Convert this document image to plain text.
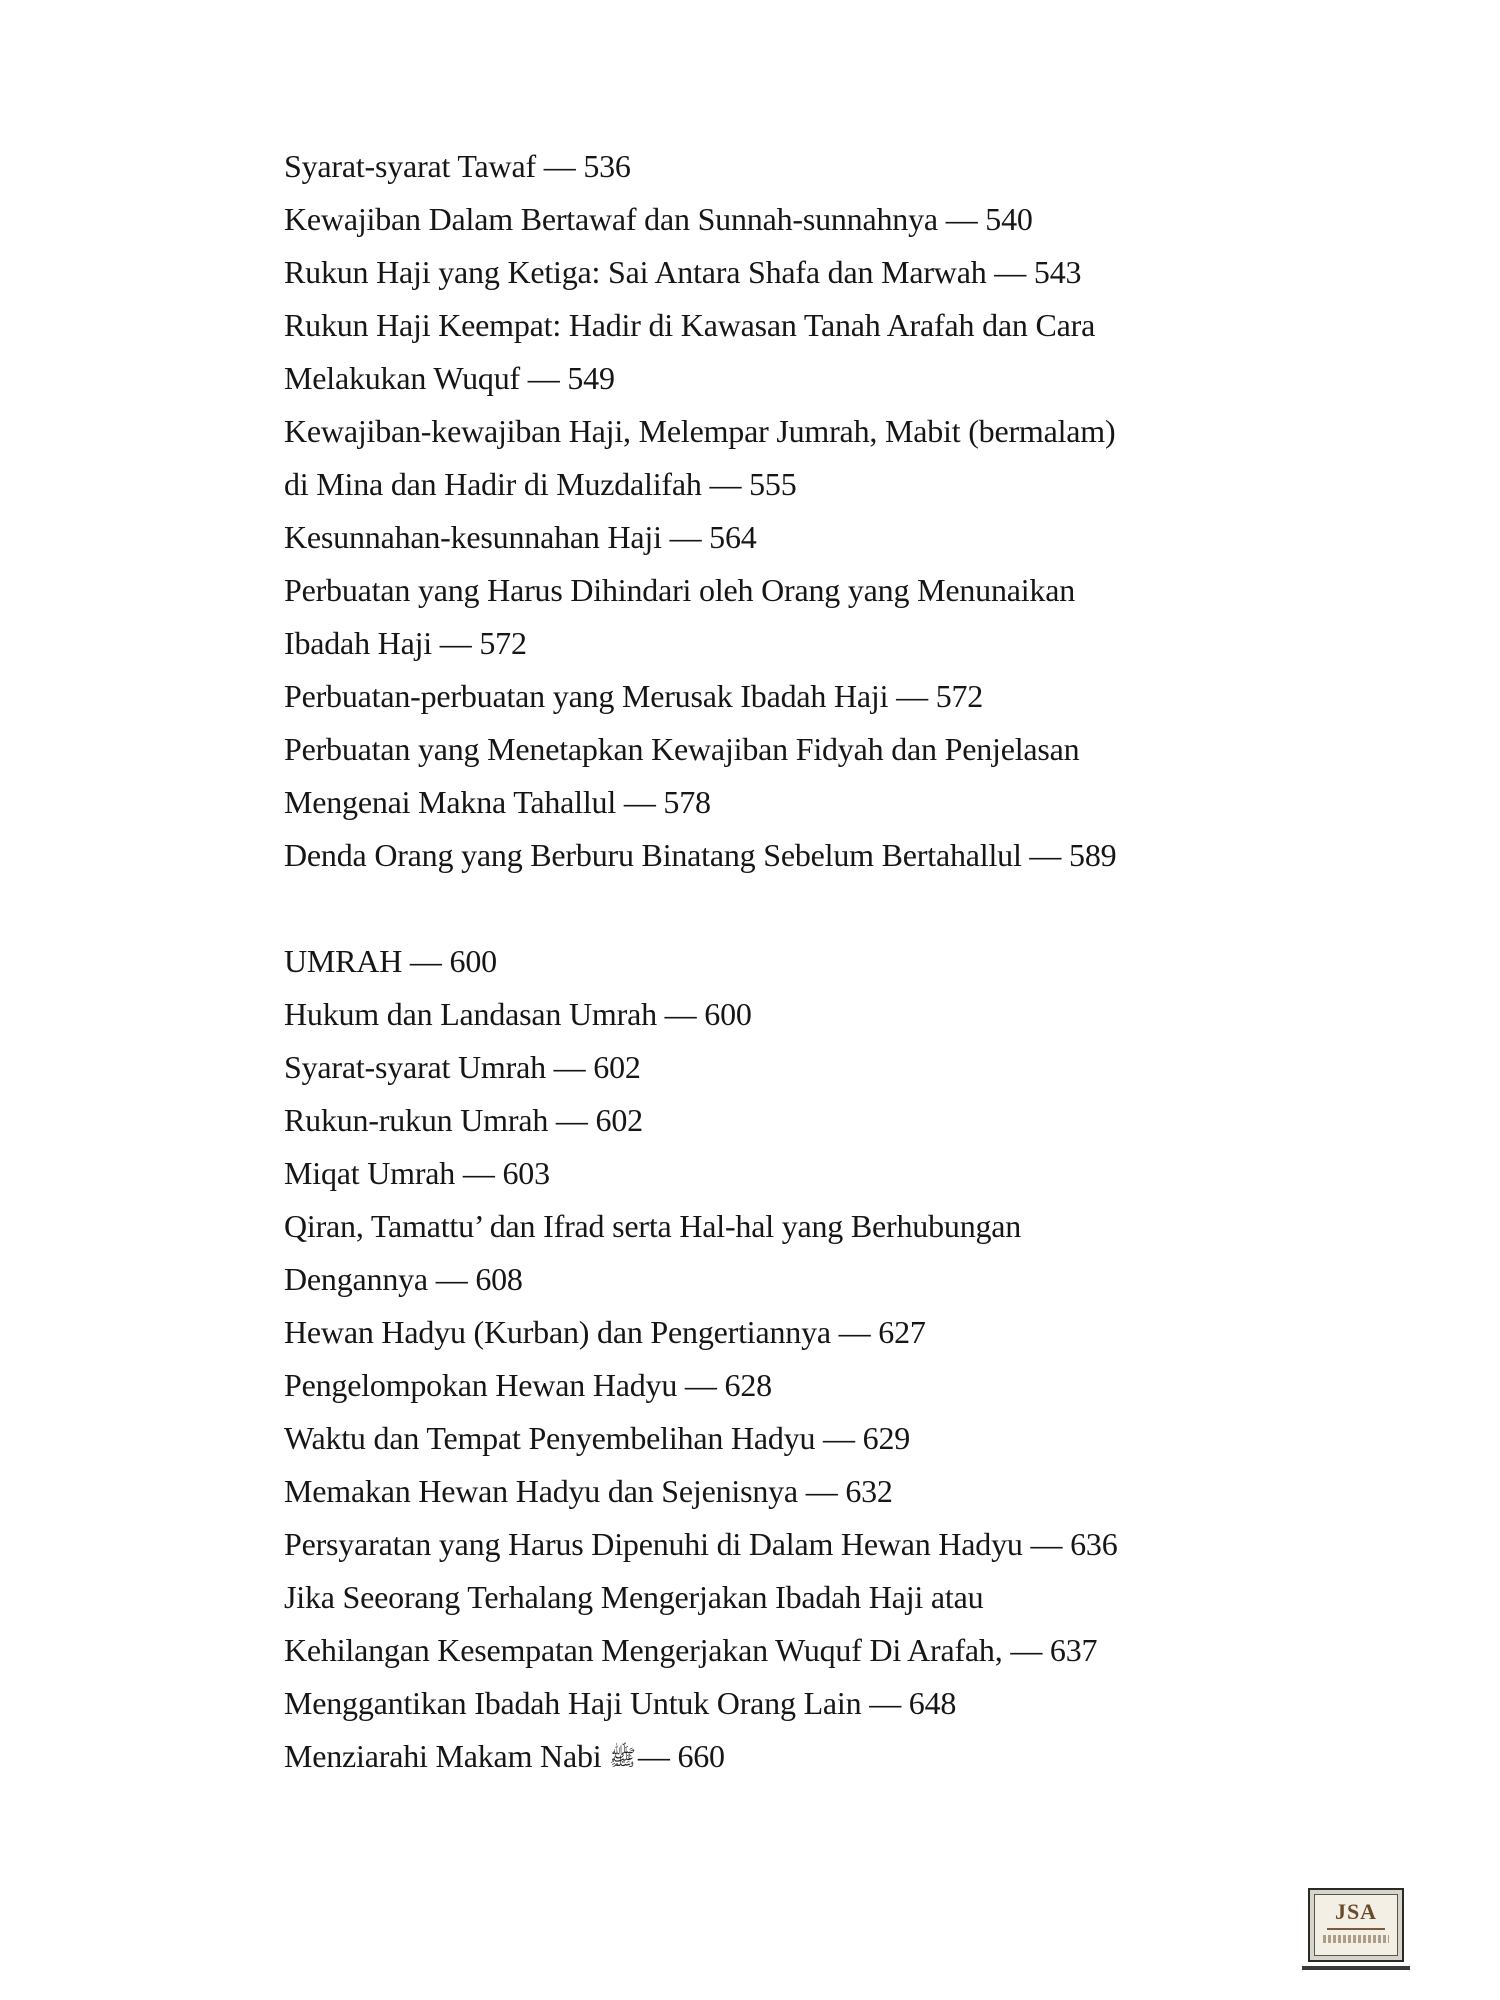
Syarat-syarat Tawaf — 536
Kewajiban Dalam Bertawaf dan Sunnah-sunnahnya — 540
Rukun Haji yang Ketiga: Sai Antara Shafa dan Marwah — 543
Rukun Haji Keempat: Hadir di Kawasan Tanah Arafah dan Cara
Melakukan Wuquf — 549
Kewajiban-kewajiban Haji, Melempar Jumrah, Mabit (bermalam)
di Mina dan Hadir di Muzdalifah — 555
Kesunnahan-kesunnahan Haji — 564
Perbuatan yang Harus Dihindari oleh Orang yang Menunaikan
Ibadah Haji — 572
Perbuatan-perbuatan yang Merusak Ibadah Haji — 572
Perbuatan yang Menetapkan Kewajiban Fidyah dan Penjelasan
Mengenai Makna Tahallul — 578
Denda Orang yang Berburu Binatang Sebelum Bertahallul — 589
UMRAH — 600
Hukum dan Landasan Umrah — 600
Syarat-syarat Umrah — 602
Rukun-rukun Umrah — 602
Miqat Umrah — 603
Qiran, Tamattu’ dan Ifrad serta Hal-hal yang Berhubungan
Dengannya — 608
Hewan Hadyu (Kurban) dan Pengertiannya — 627
Pengelompokan Hewan Hadyu — 628
Waktu dan Tempat Penyembelihan Hadyu — 629
Memakan Hewan Hadyu dan Sejenisnya — 632
Persyaratan yang Harus Dipenuhi di Dalam Hewan Hadyu — 636
Jika Seeorang Terhalang Mengerjakan Ibadah Haji atau
Kehilangan Kesempatan Mengerjakan Wuquf Di Arafah, — 637
Menggantikan Ibadah Haji Untuk Orang Lain — 648
Menziarahi Makam Nabi ﷺ— 660
JSA
